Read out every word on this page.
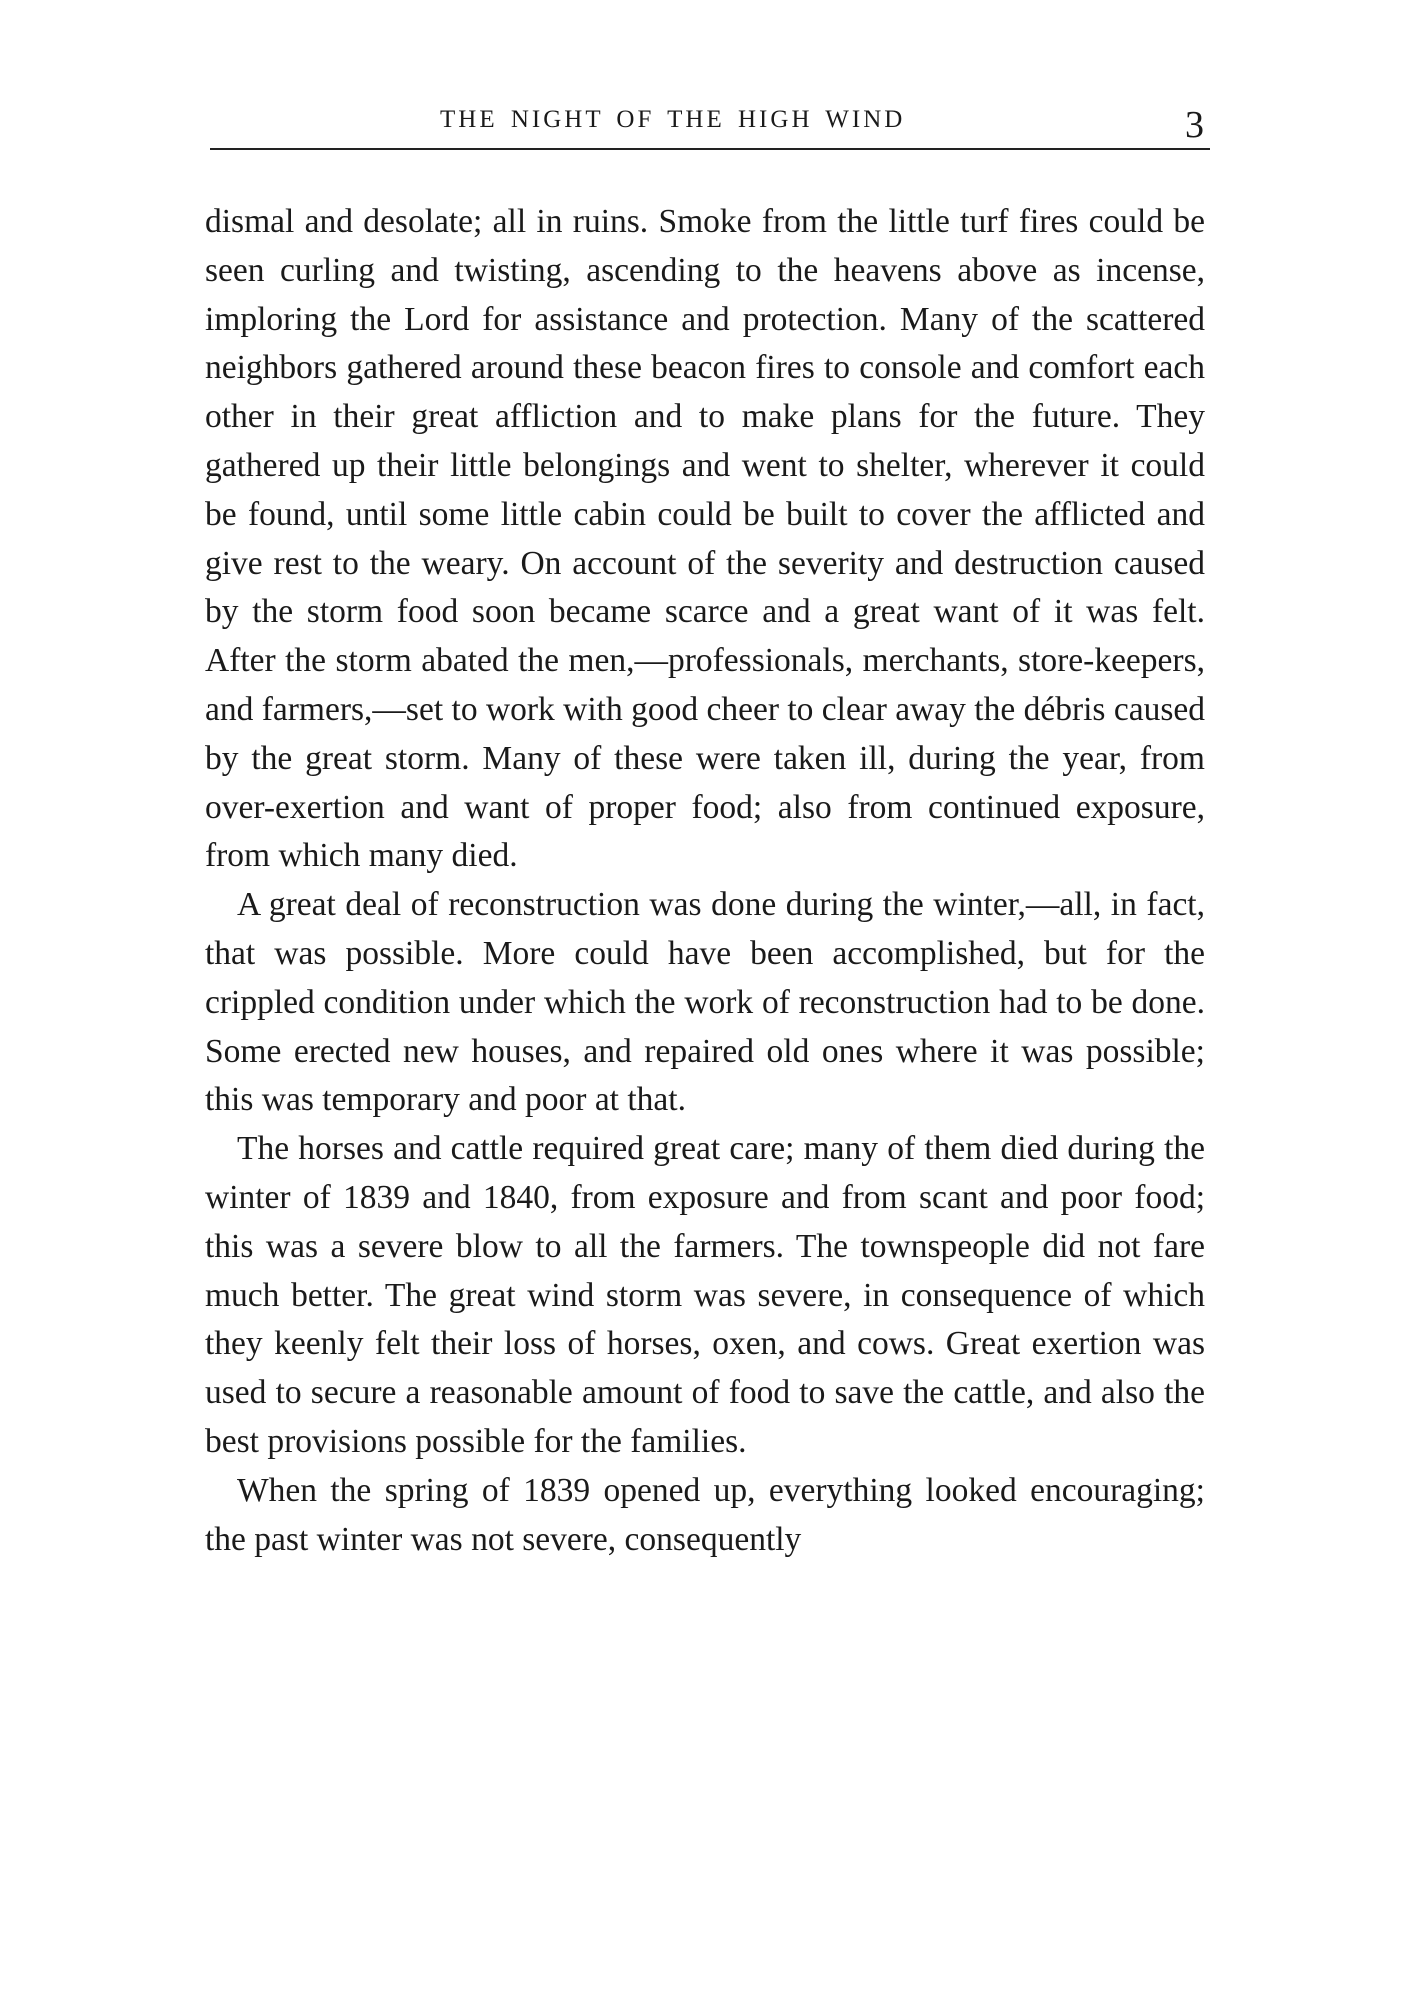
THE NIGHT OF THE HIGH WIND	3

dismal and desolate; all in ruins. Smoke from the little turf fires could be seen curling and twisting, ascending to the heavens above as incense, imploring the Lord for assistance and protection. Many of the scattered neighbors gathered around these beacon fires to console and comfort each other in their great affliction and to make plans for the future. They gathered up their little belongings and went to shelter, wherever it could be found, until some little cabin could be built to cover the afflicted and give rest to the weary. On account of the severity and destruction caused by the storm food soon became scarce and a great want of it was felt. After the storm abated the men,—professionals, merchants, store-keepers, and farmers,—set to work with good cheer to clear away the débris caused by the great storm. Many of these were taken ill, during the year, from over-exertion and want of proper food; also from continued exposure, from which many died.

A great deal of reconstruction was done during the winter,—all, in fact, that was possible. More could have been accomplished, but for the crippled condition under which the work of reconstruction had to be done. Some erected new houses, and repaired old ones where it was possible; this was temporary and poor at that.

The horses and cattle required great care; many of them died during the winter of 1839 and 1840, from exposure and from scant and poor food; this was a severe blow to all the farmers. The townspeople did not fare much better. The great wind storm was severe, in consequence of which they keenly felt their loss of horses, oxen, and cows. Great exertion was used to secure a reasonable amount of food to save the cattle, and also the best provisions possible for the families.

When the spring of 1839 opened up, everything looked encouraging; the past winter was not severe, consequently
